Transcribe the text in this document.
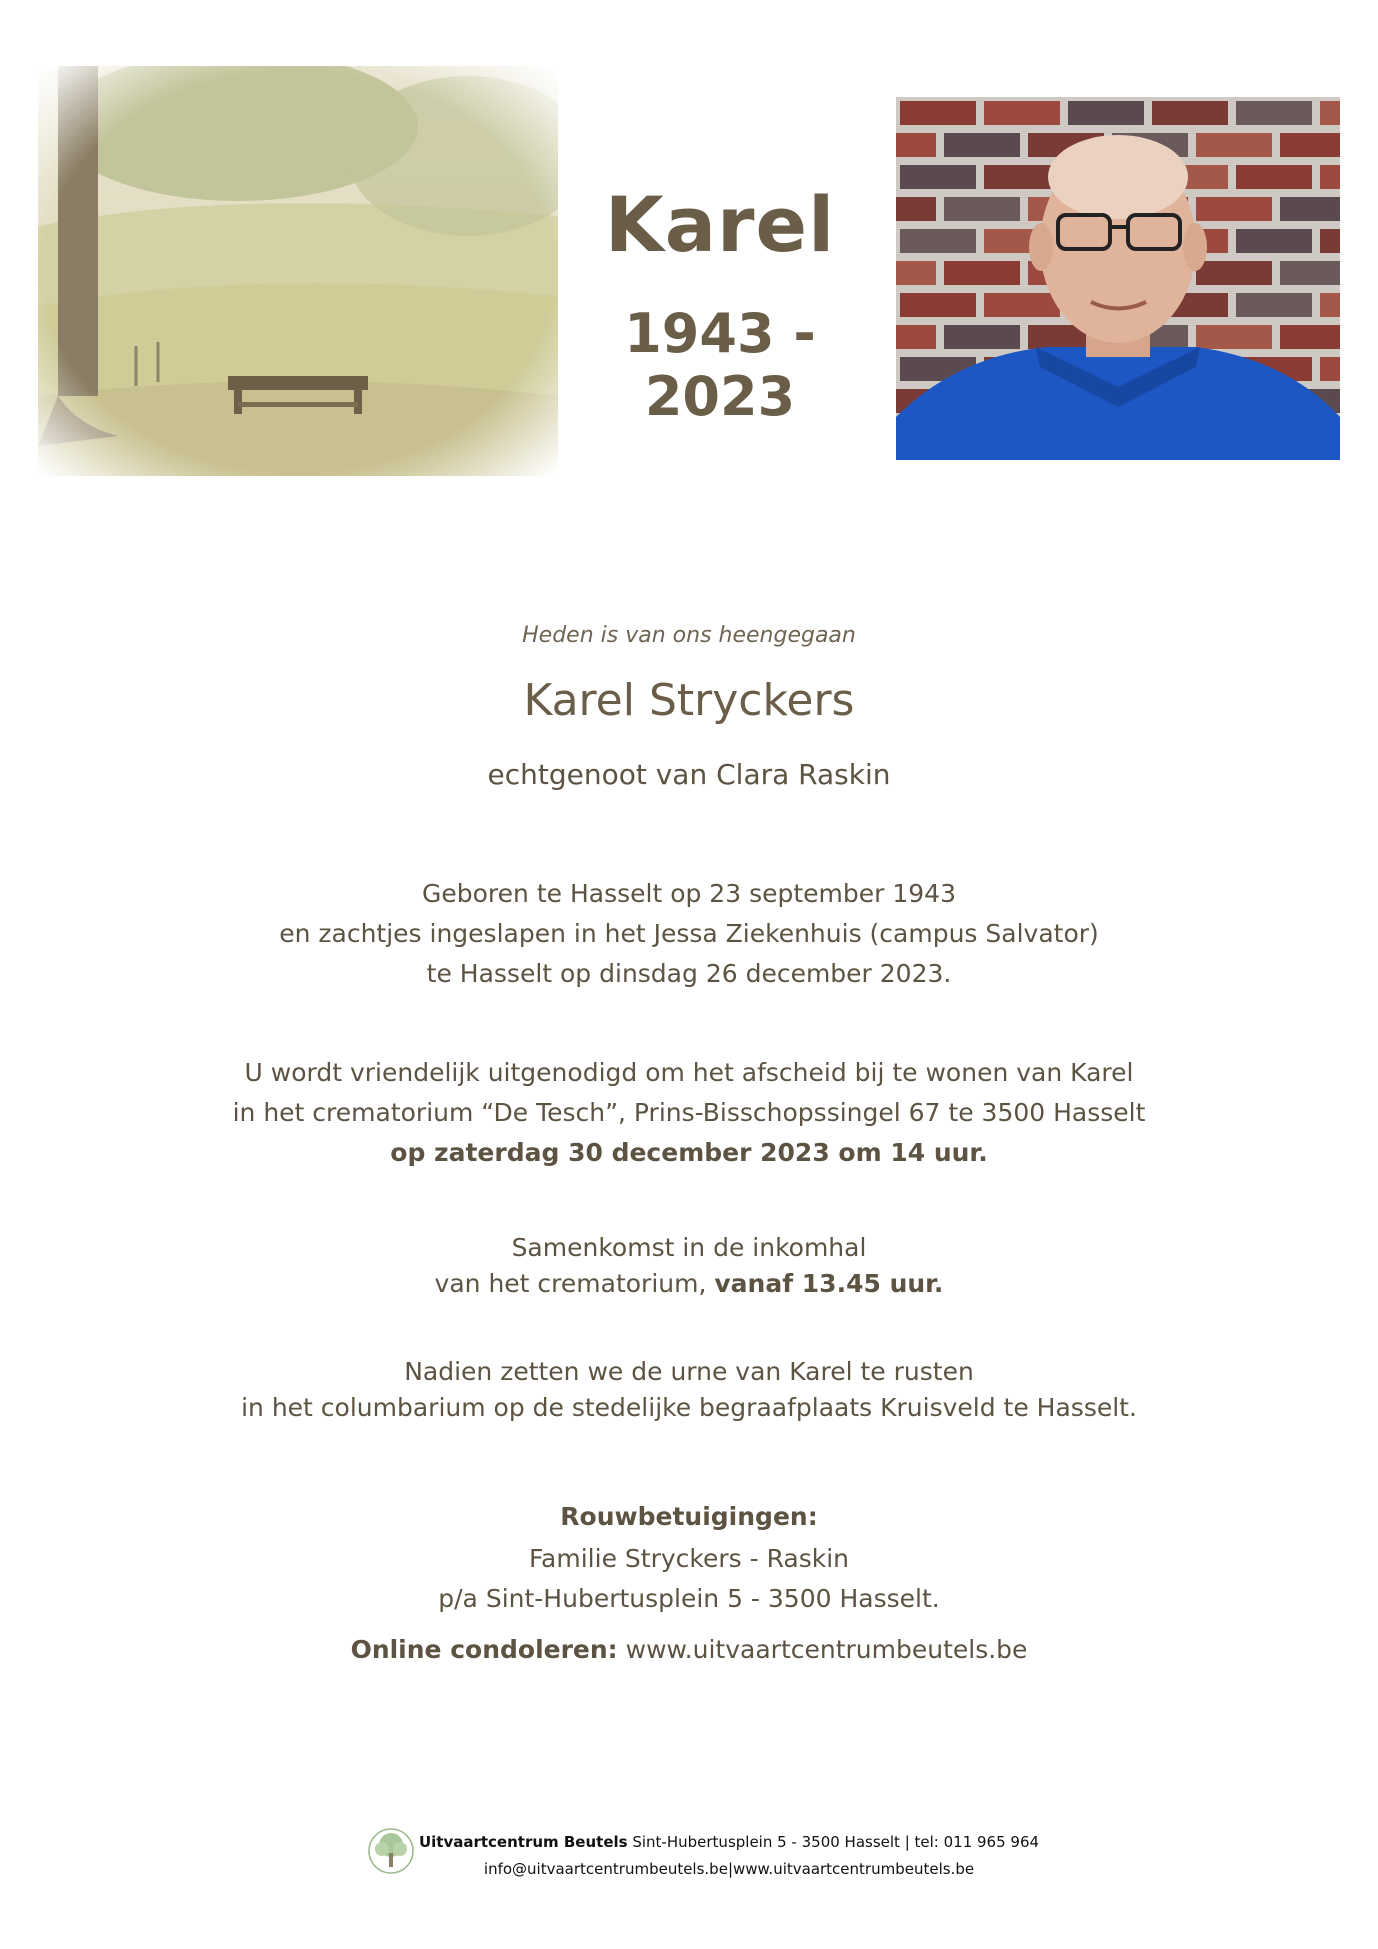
Karel
1943 - 2023
Heden is van ons heengegaan
Karel Stryckers
echtgenoot van Clara Raskin
Geboren te Hasselt op 23 september 1943
en zachtjes ingeslapen in het Jessa Ziekenhuis (campus Salvator)
te Hasselt op dinsdag 26 december 2023.
U wordt vriendelijk uitgenodigd om het afscheid bij te wonen van Karel
in het crematorium “De Tesch”, Prins-Bisschopssingel 67 te 3500 Hasselt
op zaterdag 30 december 2023 om 14 uur.
Samenkomst in de inkomhal
van het crematorium, vanaf 13.45 uur.
Nadien zetten we de urne van Karel te rusten
in het columbarium op de stedelijke begraafplaats Kruisveld te Hasselt.
Rouwbetuigingen:
Familie Stryckers - Raskin
p/a Sint-Hubertusplein 5 - 3500 Hasselt.
Online condoleren: www.uitvaartcentrumbeutels.be
Uitvaartcentrum Beutels Sint-Hubertusplein 5 - 3500 Hasselt | tel: 011 965 964
info@uitvaartcentrumbeutels.be|www.uitvaartcentrumbeutels.be
